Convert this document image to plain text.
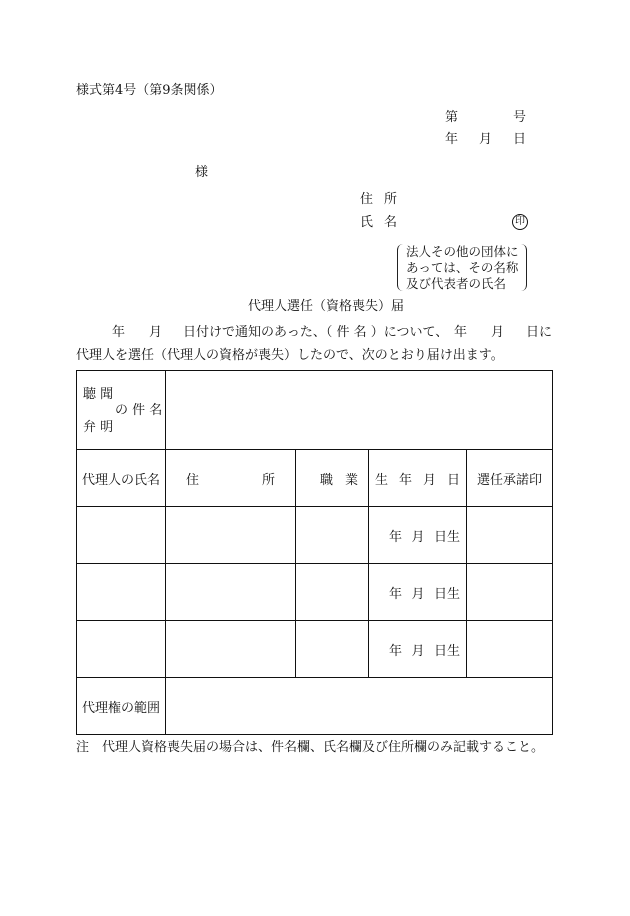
様式第4号（第9条関係）
第	号
年 月 日
様
住 所
氏 名	印
法人その他の団体に
あっては、その名称
及び代表者の氏名
代理人選任（資格喪失）届
年 月 日付けで通知のあった、（ 件 名 ）について、 年 月 日に
代理人を選任（代理人の資格が喪失）したので、次のとおり届け出ます。
聴 聞
の 件 名
弁 明				

代理人の氏名	住 所	職 業	生 年 月 日	選任承諾印

			年 月 日生	

			年 月 日生	

			年 月 日生	

代理権の範囲				
注　代理人資格喪失届の場合は、件名欄、氏名欄及び住所欄のみ記載すること。
